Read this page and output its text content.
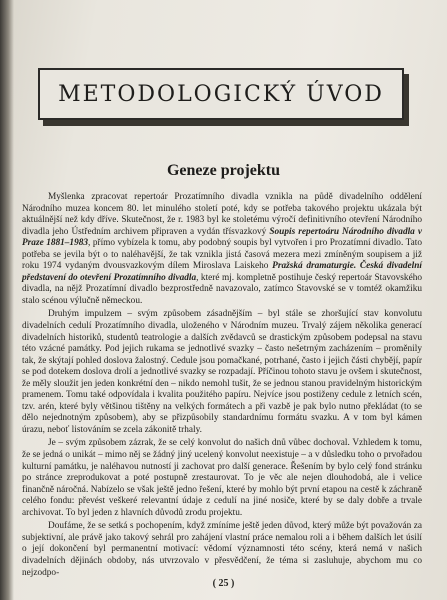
METODOLOGICKÝ ÚVOD
Geneze projektu

Myšlenka zpracovat repertoár Prozatímního divadla vznikla na půdě divadelního oddělení Národního muzea koncem 80. let minulého století poté, kdy se potřeba takového projektu ukázala být aktuálnější než kdy dříve. Skutečnost, že r. 1983 byl ke stoletému výročí definitivního otevření Národního divadla jeho Ústředním archivem připraven a vydán třísvazkový Soupis repertoáru Národního divadla v Praze 1881–1983, přímo vybízela k tomu, aby podobný soupis byl vytvořen i pro Prozatímní divadlo. Tato potřeba se jevila být o to naléhavější, že tak vznikla jistá časová mezera mezi zmíněným soupisem a již roku 1974 vydaným dvousvazkovým dílem Miroslava Laiskeho Pražská dramaturgie. Česká divadelní představení do otevření Prozatímního divadla, které mj. kompletně postihuje český repertoár Stavovského divadla, na nějž Prozatímní divadlo bezprostředně navazovalo, zatímco Stavovské se v tomtéž okamžiku stalo scénou výlučně německou.

Druhým impulzem – svým způsobem zásadnějším – byl stále se zhoršující stav konvolutu divadelních cedulí Prozatímního divadla, uloženého v Národním muzeu. Trvalý zájem několika generací divadelních historiků, studentů teatrologie a dalších zvědavců se drastickým způsobem podepsal na stavu této vzácné památky. Pod jejich rukama se jednotlivé svazky – často nešetrným zacházením – proměnily tak, že skýtají pohled doslova žalostný. Cedule jsou pomačkané, potrhané, často i jejich části chybějí, papír se pod dotekem doslova drolí a jednotlivé svazky se rozpadají. Příčinou tohoto stavu je ovšem i skutečnost, že měly sloužit jen jeden konkrétní den – nikdo nemohl tušit, že se jednou stanou pravidelným historickým pramenem. Tomu také odpovídala i kvalita použitého papíru. Nejvíce jsou postiženy cedule z letních scén, tzv. arén, které byly většinou tištěny na velkých formátech a při vazbě je pak bylo nutno překládat (to se dělo nejednotným způsobem), aby se přizpůsobily standardnímu formátu svazku. A v tom byl kámen úrazu, neboť listováním se zcela zákonitě trhaly.

Je – svým způsobem zázrak, že se celý konvolut do našich dnů vůbec dochoval. Vzhledem k tomu, že se jedná o unikát – mimo něj se žádný jiný ucelený konvolut neexistuje – a v důsledku toho o prvořadou kulturní památku, je naléhavou nutností ji zachovat pro další generace. Řešením by bylo celý fond stránku po stránce zreprodukovat a poté postupně zrestaurovat. To je věc ale nejen dlouhodobá, ale i velice finančně náročná. Nabízelo se však ještě jedno řešení, které by mohlo být první etapou na cestě k záchraně celého fondu: převést veškeré relevantní údaje z cedulí na jiné nosiče, které by se daly dobře a trvale archivovat. To byl jeden z hlavních důvodů zrodu projektu.

Doufáme, že se setká s pochopením, když zmíníme ještě jeden důvod, který může být považován za subjektivní, ale právě jako takový sehrál pro zahájení vlastní práce nemalou roli a i během dalších let úsilí o její dokončení byl permanentní motivací: vědomí významnosti této scény, která nemá v našich divadelních dějinách obdoby, nás utvrzovalo v přesvědčení, že téma si zasluhuje, abychom mu co nejzodpo-

( 25 )
